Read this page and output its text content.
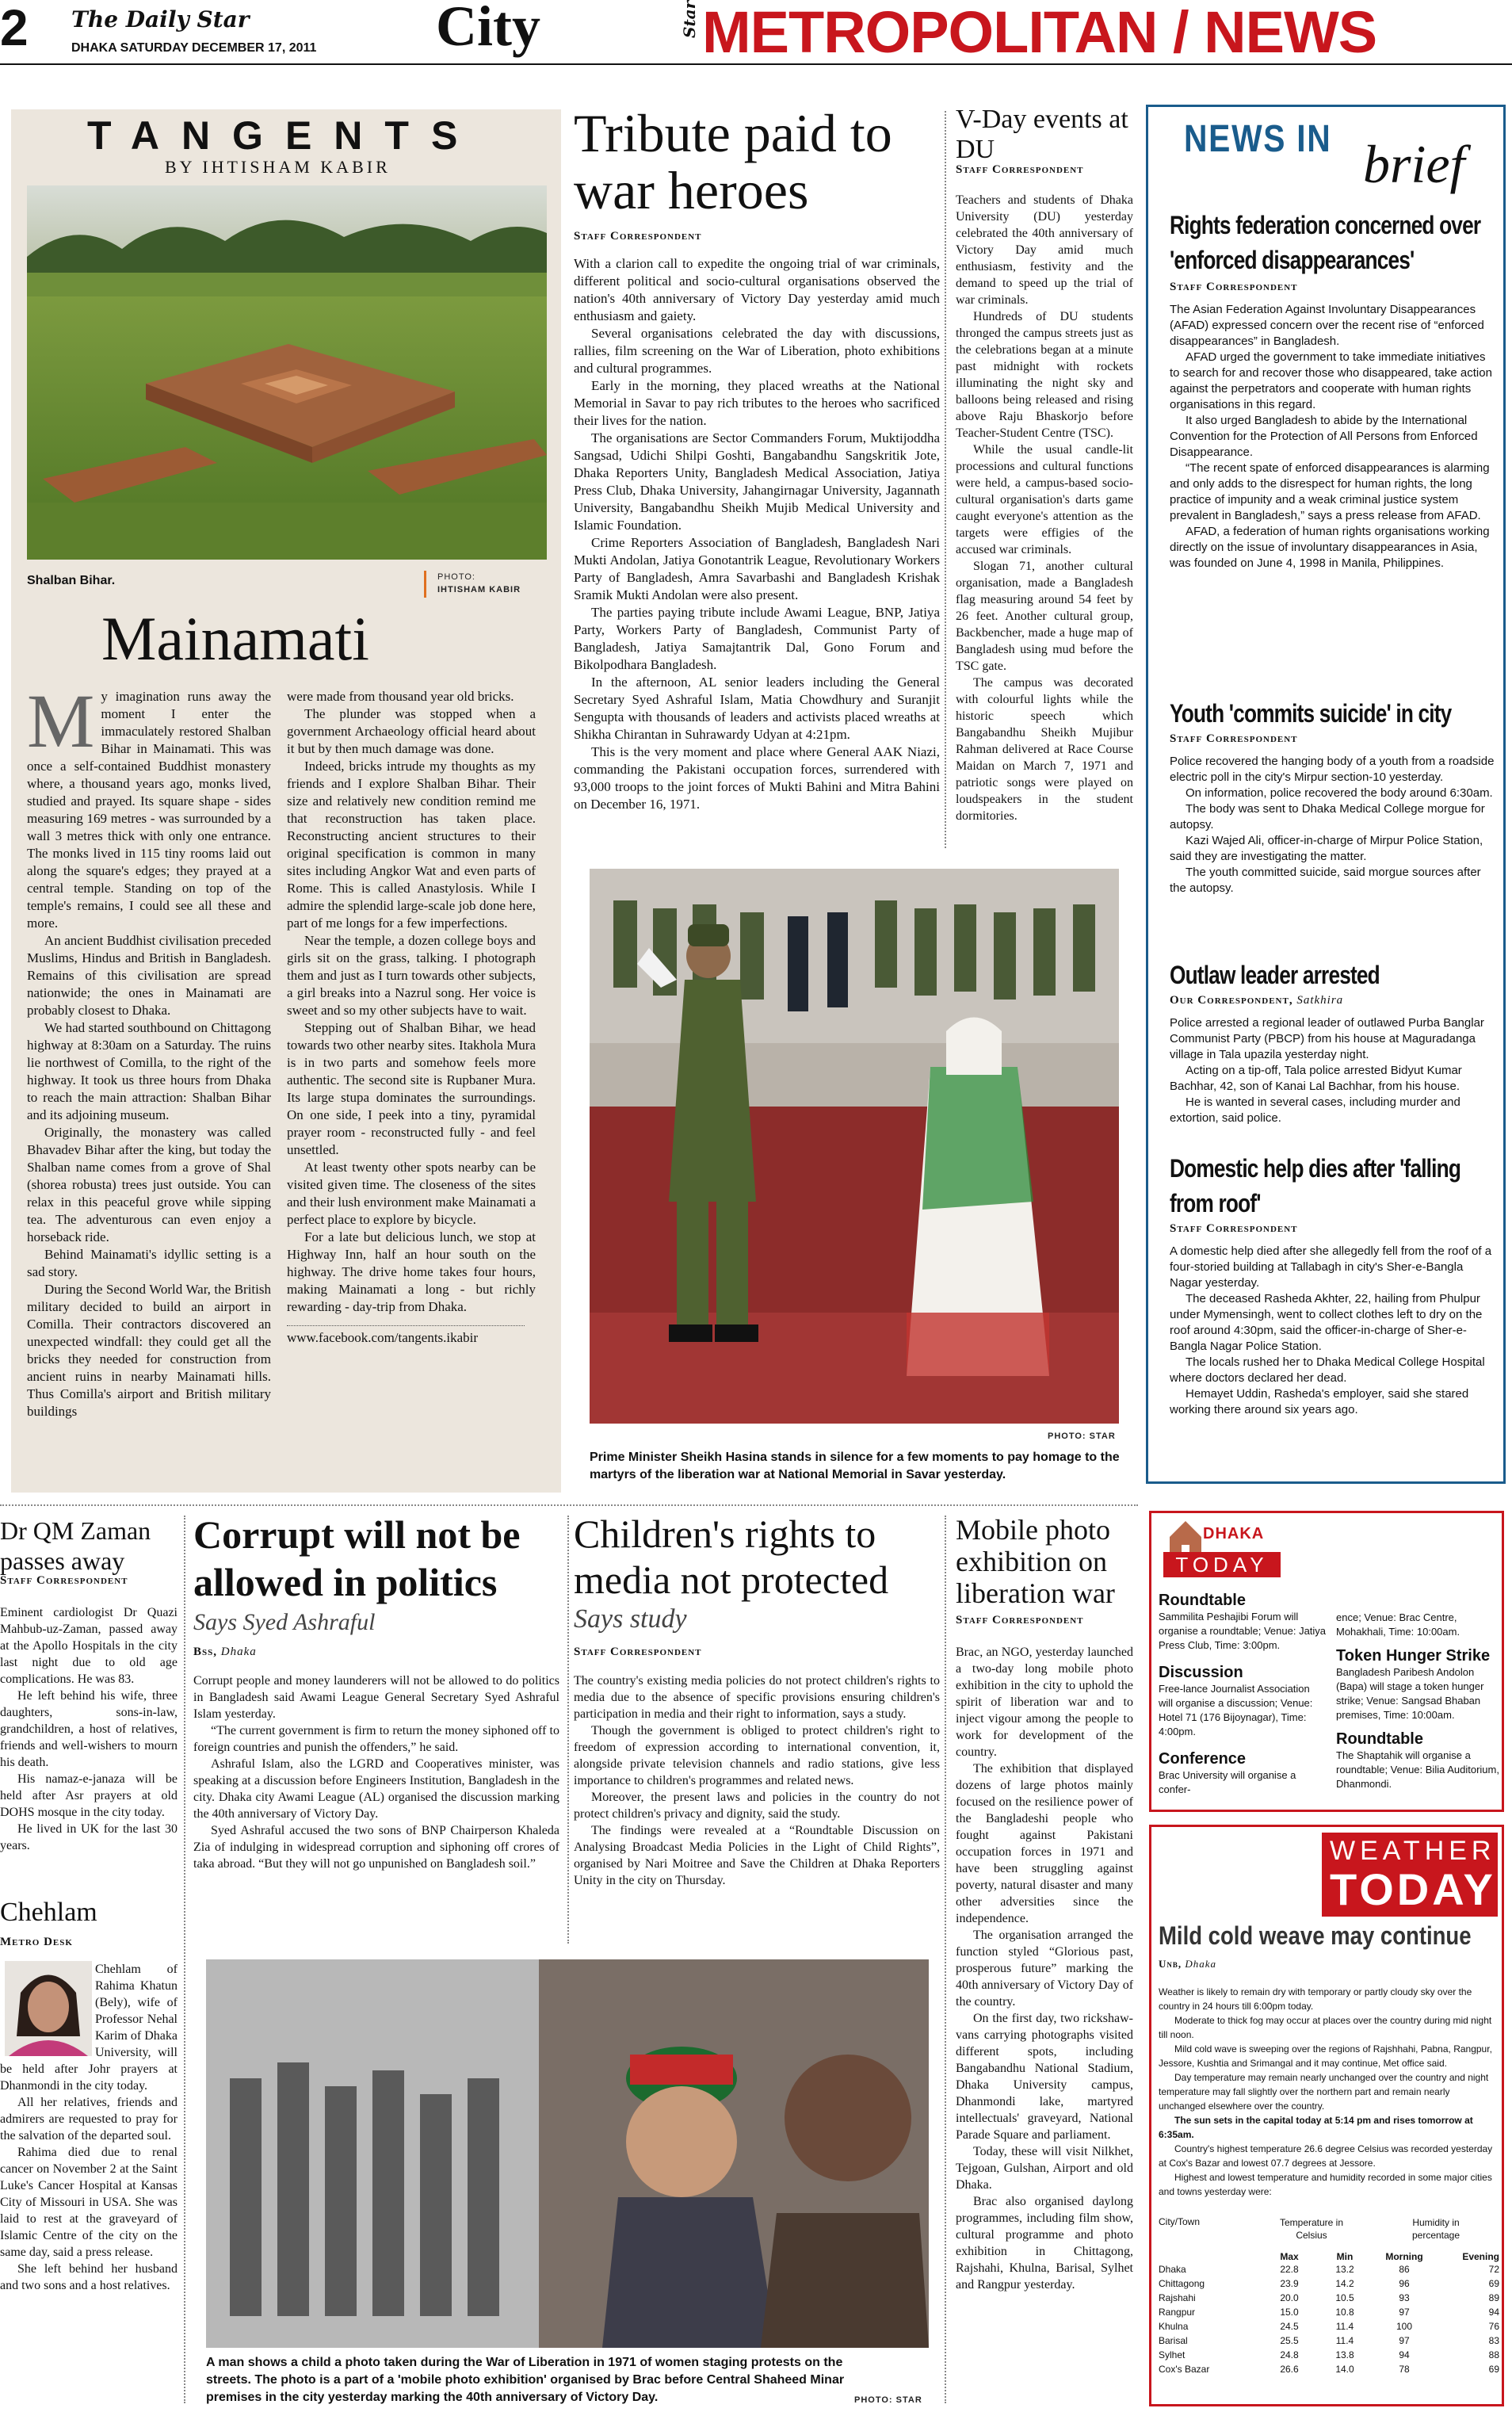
2 The Daily Star
DHAKA SATURDAY DECEMBER 17, 2011 City	Star METROPOLITAN / NEWS
TANGENTS
BY IHTISHAM KABIR
Shalban Bihar.	PHOTO:
IHTISHAM KABIR
Mainamati
M y imagination runs away the moment I enter the immaculately restored Shalban Bihar in Mainamati. This was once a self-contained Buddhist monastery where, a thousand years ago, monks lived, studied and prayed. Its square shape - sides measuring 169 metres - was surrounded by a wall 3 metres thick with only one entrance. The monks lived in 115 tiny rooms laid out along the square's edges; they prayed at a central temple. Standing on top of the temple's remains, I could see all these and more.

An ancient Buddhist civilisation preceded Muslims, Hindus and British in Bangladesh. Remains of this civilisation are spread nationwide; the ones in Mainamati are probably closest to Dhaka.

We had started southbound on Chittagong highway at 8:30am on a Saturday. The ruins lie northwest of Comilla, to the right of the highway. It took us three hours from Dhaka to reach the main attraction: Shalban Bihar and its adjoining museum.

Originally, the monastery was called Bhavadev Bihar after the king, but today the Shalban name comes from a grove of Shal (shorea robusta) trees just outside. You can relax in this peaceful grove while sipping tea. The adventurous can even enjoy a horseback ride.

Behind Mainamati's idyllic setting is a sad story.

During the Second World War, the British military decided to build an airport in Comilla. Their contractors discovered an unexpected windfall: they could get all the bricks they needed for construction from ancient ruins in nearby Mainamati hills. Thus Comilla's airport and British military buildings

were made from thousand year old bricks.

The plunder was stopped when a government Archaeology official heard about it but by then much damage was done.

Indeed, bricks intrude my thoughts as my friends and I explore Shalban Bihar. Their size and relatively new condition remind me that reconstruction has taken place. Reconstructing ancient structures to their original specification is common in many sites including Angkor Wat and even parts of Rome. This is called Anastylosis. While I admire the splendid large-scale job done here, part of me longs for a few imperfections.

Near the temple, a dozen college boys and girls sit on the grass, talking. I photograph them and just as I turn towards other subjects, a girl breaks into a Nazrul song. Her voice is sweet and so my other subjects have to wait.

Stepping out of Shalban Bihar, we head towards two other nearby sites. Itakhola Mura is in two parts and somehow feels more authentic. The second site is Rupbaner Mura. Its large stupa dominates the surroundings. On one side, I peek into a tiny, pyramidal prayer room - reconstructed fully - and feel unsettled.

At least twenty other spots nearby can be visited given time. The closeness of the sites and their lush environment make Mainamati a perfect place to explore by bicycle.

For a late but delicious lunch, we stop at Highway Inn, half an hour south on the highway. The drive home takes four hours, making Mainamati a long - but richly rewarding - day-trip from Dhaka.

www.facebook.com/tangents.ikabir
Tribute paid to war heroes
Staff Correspondent

With a clarion call to expedite the ongoing trial of war criminals, different political and socio-cultural organisations observed the nation's 40th anniversary of Victory Day yesterday amid much enthusiasm and gaiety.

Several organisations celebrated the day with discussions, rallies, film screening on the War of Liberation, photo exhibitions and cultural programmes.

Early in the morning, they placed wreaths at the National Memorial in Savar to pay rich tributes to the heroes who sacrificed their lives for the nation.

The organisations are Sector Commanders Forum, Muktijoddha Sangsad, Udichi Shilpi Goshti, Bangabandhu Sangskritik Jote, Dhaka Reporters Unity, Bangladesh Medical Association, Jatiya Press Club, Dhaka University, Jahangirnagar University, Jagannath University, Bangabandhu Sheikh Mujib Medical University and Islamic Foundation.

Crime Reporters Association of Bangladesh, Bangladesh Nari Mukti Andolan, Jatiya Gonotantrik League, Revolutionary Workers Party of Bangladesh, Amra Savarbashi and Bangladesh Krishak Sramik Mukti Andolan were also present.

The parties paying tribute include Awami League, BNP, Jatiya Party, Workers Party of Bangladesh, Communist Party of Bangladesh, Jatiya Samajtantrik Dal, Gono Forum and Bikolpodhara Bangladesh.

In the afternoon, AL senior leaders including the General Secretary Syed Ashraful Islam, Matia Chowdhury and Suranjit Sengupta with thousands of leaders and activists placed wreaths at Shikha Chirantan in Suhrawardy Udyan at 4:21pm.

This is the very moment and place where General AAK Niazi, commanding the Pakistani occupation forces, surrendered with 93,000 troops to the joint forces of Mukti Bahini and Mitra Bahini on December 16, 1971.

V-Day events at DU
Staff Correspondent

Teachers and students of Dhaka University (DU) yesterday celebrated the 40th anniversary of Victory Day amid much enthusiasm, festivity and the demand to speed up the trial of war criminals.

Hundreds of DU students thronged the campus streets just as the celebrations began at a minute past midnight with rockets illuminating the night sky and balloons being released and rising above Raju Bhaskorjo before Teacher-Student Centre (TSC).

While the usual candle-lit processions and cultural functions were held, a campus-based socio-cultural organisation's darts game caught everyone's attention as the targets were effigies of the accused war criminals.

Slogan 71, another cultural organisation, made a Bangladesh flag measuring around 54 feet by 26 feet. Another cultural group, Backbencher, made a huge map of Bangladesh using mud before the TSC gate.

The campus was decorated with colourful lights while the historic speech which Bangabandhu Sheikh Mujibur Rahman delivered at Race Course Maidan on March 7, 1971 and patriotic songs were played on loudspeakers in the student dormitories.

PHOTO: STAR
Prime Minister Sheikh Hasina stands in silence for a few moments to pay homage to the martyrs of the liberation war at National Memorial in Savar yesterday.
NEWS IN brief
Rights federation concerned over 'enforced disappearances'
Staff Correspondent

The Asian Federation Against Involuntary Disappearances (AFAD) expressed concern over the recent rise of “enforced disappearances” in Bangladesh.

AFAD urged the government to take immediate initiatives to search for and recover those who disappeared, take action against the perpetrators and cooperate with human rights organisations in this regard.

It also urged Bangladesh to abide by the International Convention for the Protection of All Persons from Enforced Disappearance.

“The recent spate of enforced disappearances is alarming and only adds to the disrespect for human rights, the long practice of impunity and a weak criminal justice system prevalent in Bangladesh,” says a press release from AFAD.

AFAD, a federation of human rights organisations working directly on the issue of involuntary disappearances in Asia, was founded on June 4, 1998 in Manila, Philippines.

Youth 'commits suicide' in city
Staff Correspondent

Police recovered the hanging body of a youth from a roadside electric poll in the city's Mirpur section-10 yesterday.

On information, police recovered the body around 6:30am.

The body was sent to Dhaka Medical College morgue for autopsy.

Kazi Wajed Ali, officer-in-charge of Mirpur Police Station, said they are investigating the matter.

The youth committed suicide, said morgue sources after the autopsy.

Outlaw leader arrested
Our Correspondent, Satkhira

Police arrested a regional leader of outlawed Purba Banglar Communist Party (PBCP) from his house at Maguradanga village in Tala upazila yesterday night.

Acting on a tip-off, Tala police arrested Bidyut Kumar Bachhar, 42, son of Kanai Lal Bachhar, from his house.

He is wanted in several cases, including murder and extortion, said police.

Domestic help dies after 'falling from roof'
Staff Correspondent

A domestic help died after she allegedly fell from the roof of a four-storied building at Tallabagh in city's Sher-e-Bangla Nagar yesterday.

The deceased Rasheda Akhter, 22, hailing from Phulpur under Mymensingh, went to collect clothes left to dry on the roof around 4:30pm, said the officer-in-charge of Sher-e-Bangla Nagar Police Station.

The locals rushed her to Dhaka Medical College Hospital where doctors declared her dead.

Hemayet Uddin, Rasheda's employer, said she stared working there around six years ago.

Dr QM Zaman passes away
Staff Correspondent

Eminent cardiologist Dr Quazi Mahbub-uz-Zaman, passed away at the Apollo Hospitals in the city last night due to old age complications. He was 83.

He left behind his wife, three daughters, sons-in-law, grandchildren, a host of relatives, friends and well-wishers to mourn his death.

His namaz-e-janaza will be held after Asr prayers at old DOHS mosque in the city today.

He lived in UK for the last 30 years.

Chehlam
Metro Desk

Chehlam of Rahima Khatun (Bely), wife of Professor Nehal Karim of Dhaka University, will be held after Johr prayers at Dhanmondi in the city today.

All her relatives, friends and admirers are requested to pray for the salvation of the departed soul.

Rahima died due to renal cancer on November 2 at the Saint Luke's Cancer Hospital at Kansas City of Missouri in USA. She was laid to rest at the graveyard of Islamic Centre of the city on the same day, said a press release.

She left behind her husband and two sons and a host relatives.

Corrupt will not be allowed in politics
Says Syed Ashraful
Bss, Dhaka

Corrupt people and money launderers will not be allowed to do politics in Bangladesh said Awami League General Secretary Syed Ashraful Islam yesterday.

“The current government is firm to return the money siphoned off to foreign countries and punish the offenders,” he said.

Ashraful Islam, also the LGRD and Cooperatives minister, was speaking at a discussion before Engineers Institution, Bangladesh in the city. Dhaka city Awami League (AL) organised the discussion marking the 40th anniversary of Victory Day.

Syed Ashraful accused the two sons of BNP Chairperson Khaleda Zia of indulging in widespread corruption and siphoning off crores of taka abroad. “But they will not go unpunished on Bangladesh soil.”

Children's rights to media not protected
Says study
Staff Correspondent

The country's existing media policies do not protect children's rights to media due to the absence of specific provisions ensuring children's participation in media and their right to information, says a study.

Though the government is obliged to protect children's right to freedom of expression according to international convention, it, alongside private television channels and radio stations, give less importance to children's programmes and related news.

Moreover, the present laws and policies in the country do not protect children's privacy and dignity, said the study.

The findings were revealed at a “Roundtable Discussion on Analysing Broadcast Media Policies in the Light of Child Rights”, organised by Nari Moitree and Save the Children at Dhaka Reporters Unity in the city on Thursday.

A man shows a child a photo taken during the War of Liberation in 1971 of women staging protests on the streets. The photo is a part of a 'mobile photo exhibition' organised by Brac before Central Shaheed Minar premises in the city yesterday marking the 40th anniversary of Victory Day.	PHOTO: STAR
Mobile photo exhibition on liberation war
Staff Correspondent

Brac, an NGO, yesterday launched a two-day long mobile photo exhibition in the city to uphold the spirit of liberation war and to inject vigour among the people to work for development of the country.

The exhibition that displayed dozens of large photos mainly focused on the resilience power of the Bangladeshi people who fought against Pakistani occupation forces in 1971 and have been struggling against poverty, natural disaster and many other adversities since the independence.

The organisation arranged the function styled “Glorious past, prosperous future” marking the 40th anniversary of Victory Day of the country.

On the first day, two rickshaw-vans carrying photographs visited different spots, including Bangabandhu National Stadium, Dhaka University campus, Dhanmondi lake, martyred intellectuals' graveyard, National Parade Square and parliament.

Today, these will visit Nilkhet, Tejgoan, Gulshan, Airport and old Dhaka.

Brac also organised daylong programmes, including film show, cultural programme and photo exhibition in Chittagong, Rajshahi, Khulna, Barisal, Sylhet and Rangpur yesterday.

DHAKA
TODAY
Roundtable
Sammilita Peshajibi Forum will organise a roundtable; Venue: Jatiya Press Club, Time: 3:00pm.
Discussion
Free-lance Journalist Association will organise a discussion; Venue: Hotel 71 (176 Bijoynagar), Time: 4:00pm.
Conference
Brac University will organise a confer-
ence; Venue: Brac Centre, Mohakhali, Time: 10:00am.
Token Hunger Strike
Bangladesh Paribesh Andolon (Bapa) will stage a token hunger strike; Venue: Sangsad Bhaban premises, Time: 10:00am.
Roundtable
The Shaptahik will organise a roundtable; Venue: Bilia Auditorium, Dhanmondi.
WEATHER
TODAY
Mild cold weave may continue
Unb, Dhaka

Weather is likely to remain dry with temporary or partly cloudy sky over the country in 24 hours till 6:00pm today.

Moderate to thick fog may occur at places over the country during mid night till noon.

Mild cold wave is sweeping over the regions of Rajshhahi, Pabna, Rangpur, Jessore, Kushtia and Srimangal and it may continue, Met office said.

Day temperature may remain nearly unchanged over the country and night temperature may fall slightly over the northern part and remain nearly unchanged elsewhere over the country.

The sun sets in the capital today at 5:14 pm and rises tomorrow at 6:35am.

Country's highest temperature 26.6 degree Celsius was recorded yesterday at Cox's Bazar and lowest 07.7 degrees at Jessore.

Highest and lowest temperature and humidity recorded in some major cities and towns yesterday were:

City/Town	Temperature in Celsius
Humidity in percentage
	Max	Min	Morning	Evening
Dhaka	22.8	13.2	86	72
Chittagong	23.9	14.2	96	69
Rajshahi	20.0	10.5	93	89
Rangpur	15.0	10.8	97	94
Khulna	24.5	11.4	100	76
Barisal	25.5	11.4	97	83
Sylhet	24.8	13.8	94	88
Cox's Bazar	26.6	14.0	78	69
